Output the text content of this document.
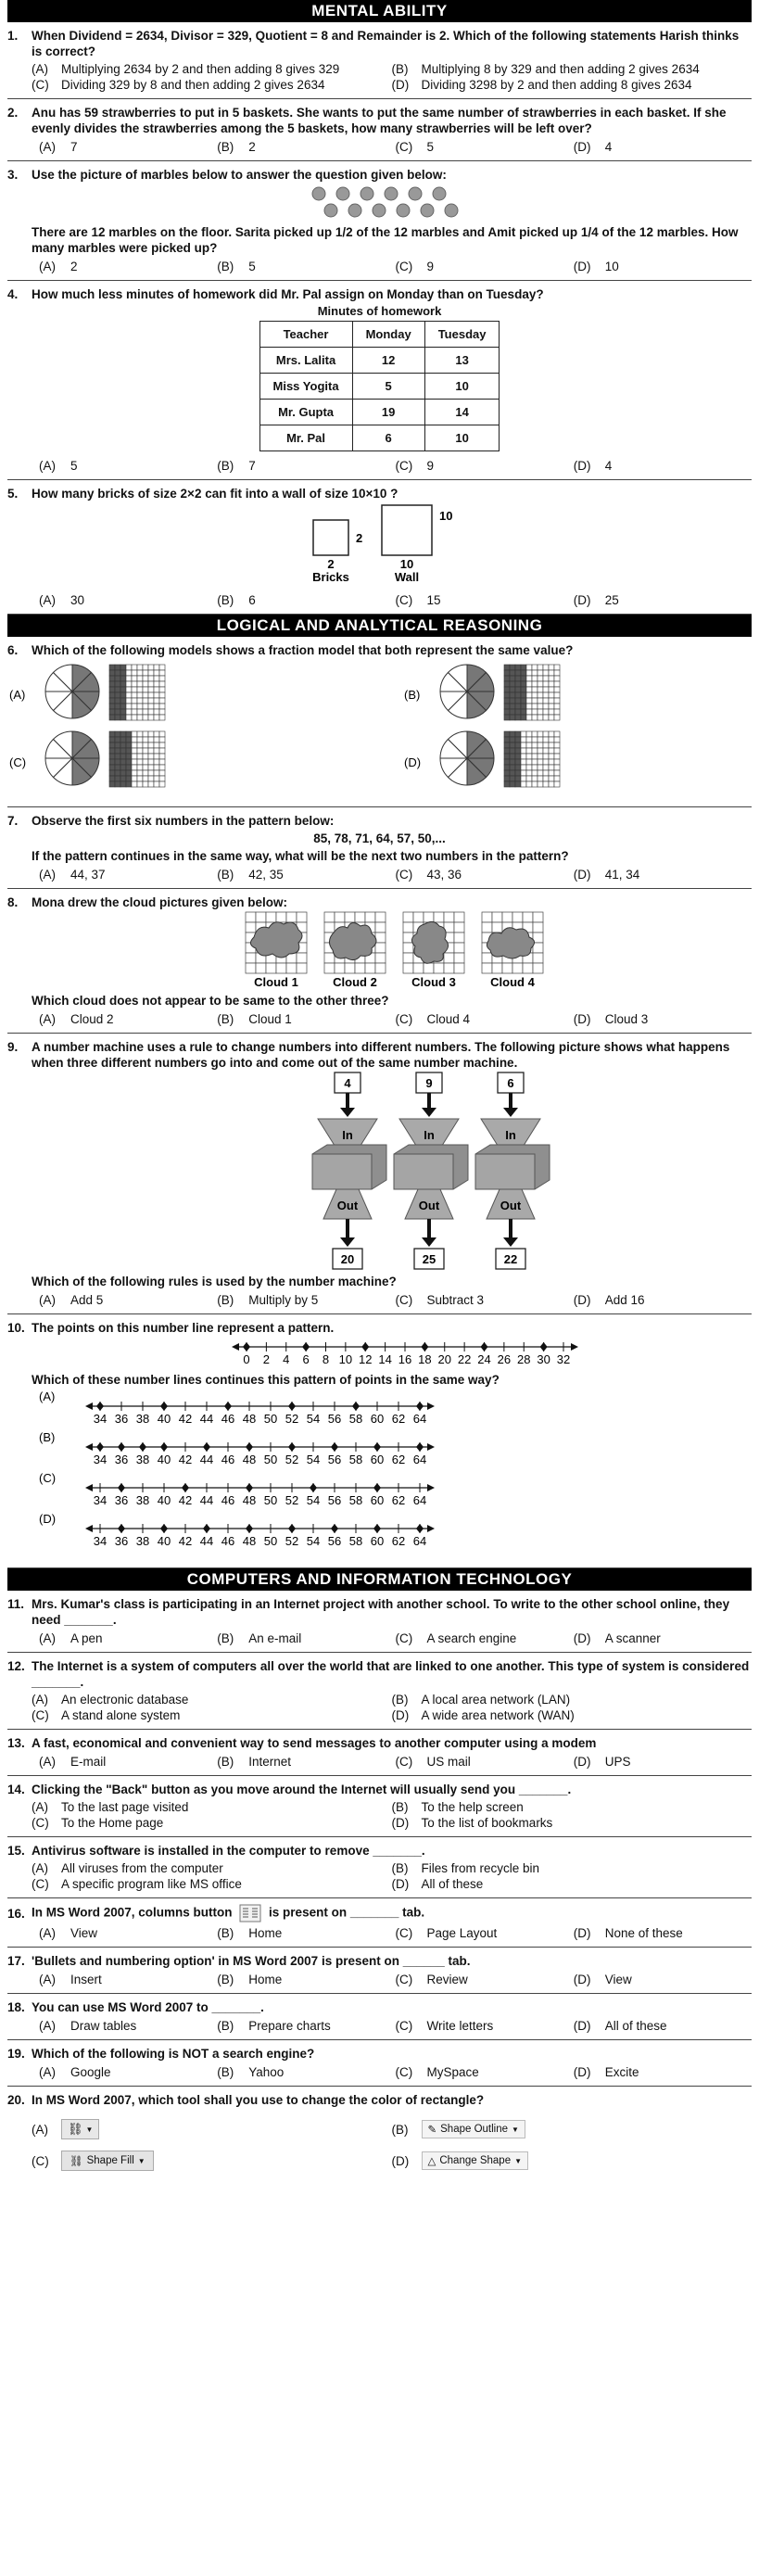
MENTAL ABILITY
1.	When Dividend = 2634, Divisor = 329, Quotient = 8 and Remainder is 2. Which of the following statements Harish thinks is correct?
(A)	Multiplying 2634 by 2 and then adding 8 gives 329	(B)	Multiplying 8 by 329 and then adding 2 gives 2634
(C) Dividing 329 by 8 and then adding 2 gives 2634	(D) Dividing 3298 by 2 and then adding 8 gives 2634
2.	Anu has 59 strawberries to put in 5 baskets. She wants to put the same number of strawberries in each basket. If she evenly divides the strawberries among the 5 baskets, how many strawberries will be left over?
(A)	7	(B)	2	(C)	5	(D)	4
3.	Use the picture of marbles below to answer the question given below:
There are 12 marbles on the floor. Sarita picked up 1/2 of the 12 marbles and Amit picked up 1/4 of the 12 marbles. How many marbles were picked up?
(A)	2	(B)	5	(C)	9	(D)	10
4.	How much less minutes of homework did Mr. Pal assign on Monday than on Tuesday?
Minutes of homework
Teacher	Monday	Tuesday
Mrs. Lalita	12	13
Miss Yogita	5	10
Mr. Gupta	19	14
Mr. Pal	6	10
(A)	5	(B)	7	(C)	9	(D)	4
5.	How many bricks of size 2×2 can fit into a wall of size 10×10 ?
2
2
Bricks
10
10
Wall
(A)	30	(B)	6	(C)	15	(D)	25
LOGICAL AND ANALYTICAL REASONING
6.	Which of the following models shows a fraction model that both represent the same value?
(A)	(B)
(C)	(D)
7.	Observe the first six numbers in the pattern below:
85, 78, 71, 64, 57, 50,...
If the pattern continues in the same way, what will be the next two numbers in the pattern?
(A)	44, 37	(B)	42, 35	(C)	43, 36	(D)	41, 34
8.	Mona drew the cloud pictures given below:
Cloud 1	Cloud 2	Cloud 3	Cloud 4
Which cloud does not appear to be same to the other three?
(A)	Cloud 2	(B)	Cloud 1	(C)	Cloud 4	(D)	Cloud 3
9.	A number machine uses a rule to change numbers into different numbers. The following picture shows what happens when three different numbers go into and come out of the same number machine.
4
In
Out
20
9
In
Out
25
6
In
Out
22
Which of the following rules is used by the number machine?
(A)	Add 5	(B)	Multiply by 5	(C)	Subtract 3	(D)	Add 16
10. The points on this number line represent a pattern.
0 2 4 6 8 10 12 14 16 18 20 22 24 26 28 30 32
Which of these number lines continues this pattern of points in the same way?
(A)
34 36 38 40 42 44 46 48 50 52 54 56 58 60 62 64
(B)
34 36 38 40 42 44 46 48 50 52 54 56 58 60 62 64
(C)
34 36 38 40 42 44 46 48 50 52 54 56 58 60 62 64
(D)
34 36 38 40 42 44 46 48 50 52 54 56 58 60 62 64
COMPUTERS AND INFORMATION TECHNOLOGY
11. Mrs. Kumar's class is participating in an Internet project with another school. To write to the other school online, they need _______.
(A)	A pen	(B)	An e-mail	(C)	A search engine	(D)	A scanner
12. The Internet is a system of computers all over the world that are linked to one another. This type of system is considered _______.
(A)	An electronic database	(B)	A local area network (LAN)
(C) A stand alone system	(D) A wide area network (WAN)
13. A fast, economical and convenient way to send messages to another computer using a modem
(A)	E-mail	(B)	Internet	(C)	US mail	(D)	UPS
14. Clicking the "Back" button as you move around the Internet will usually send you _______.
(A)	To the last page visited	(B)	To the help screen
(C) To the Home page	(D) To the list of bookmarks
15. Antivirus software is installed in the computer to remove _______.
(A)	All viruses from the computer	(B)	Files from recycle bin
(C) A specific program like MS office	(D) All of these
16. In MS Word 2007, columns button	is present on _______ tab.
(A)	View	(B)	Home	(C)	Page Layout	(D)	None of these
17. 'Bullets and numbering option' in MS Word 2007 is present on ______ tab.
(A)	Insert	(B)	Home	(C)	Review	(D)	View
18. You can use MS Word 2007 to _______.
(A)	Draw tables	(B)	Prepare charts	(C)	Write letters	(D)	All of these
19. Which of the following is NOT a search engine?
(A)	Google	(B)	Yahoo	(C)	MySpace	(D)	Excite
20. In MS Word 2007, which tool shall you use to change the color of rectangle?
(A)	⛓ ▼	(B)	✎ Shape Outline ▼
(C)	⛓ Shape Fill ▼	(D)	△ Change Shape ▼
